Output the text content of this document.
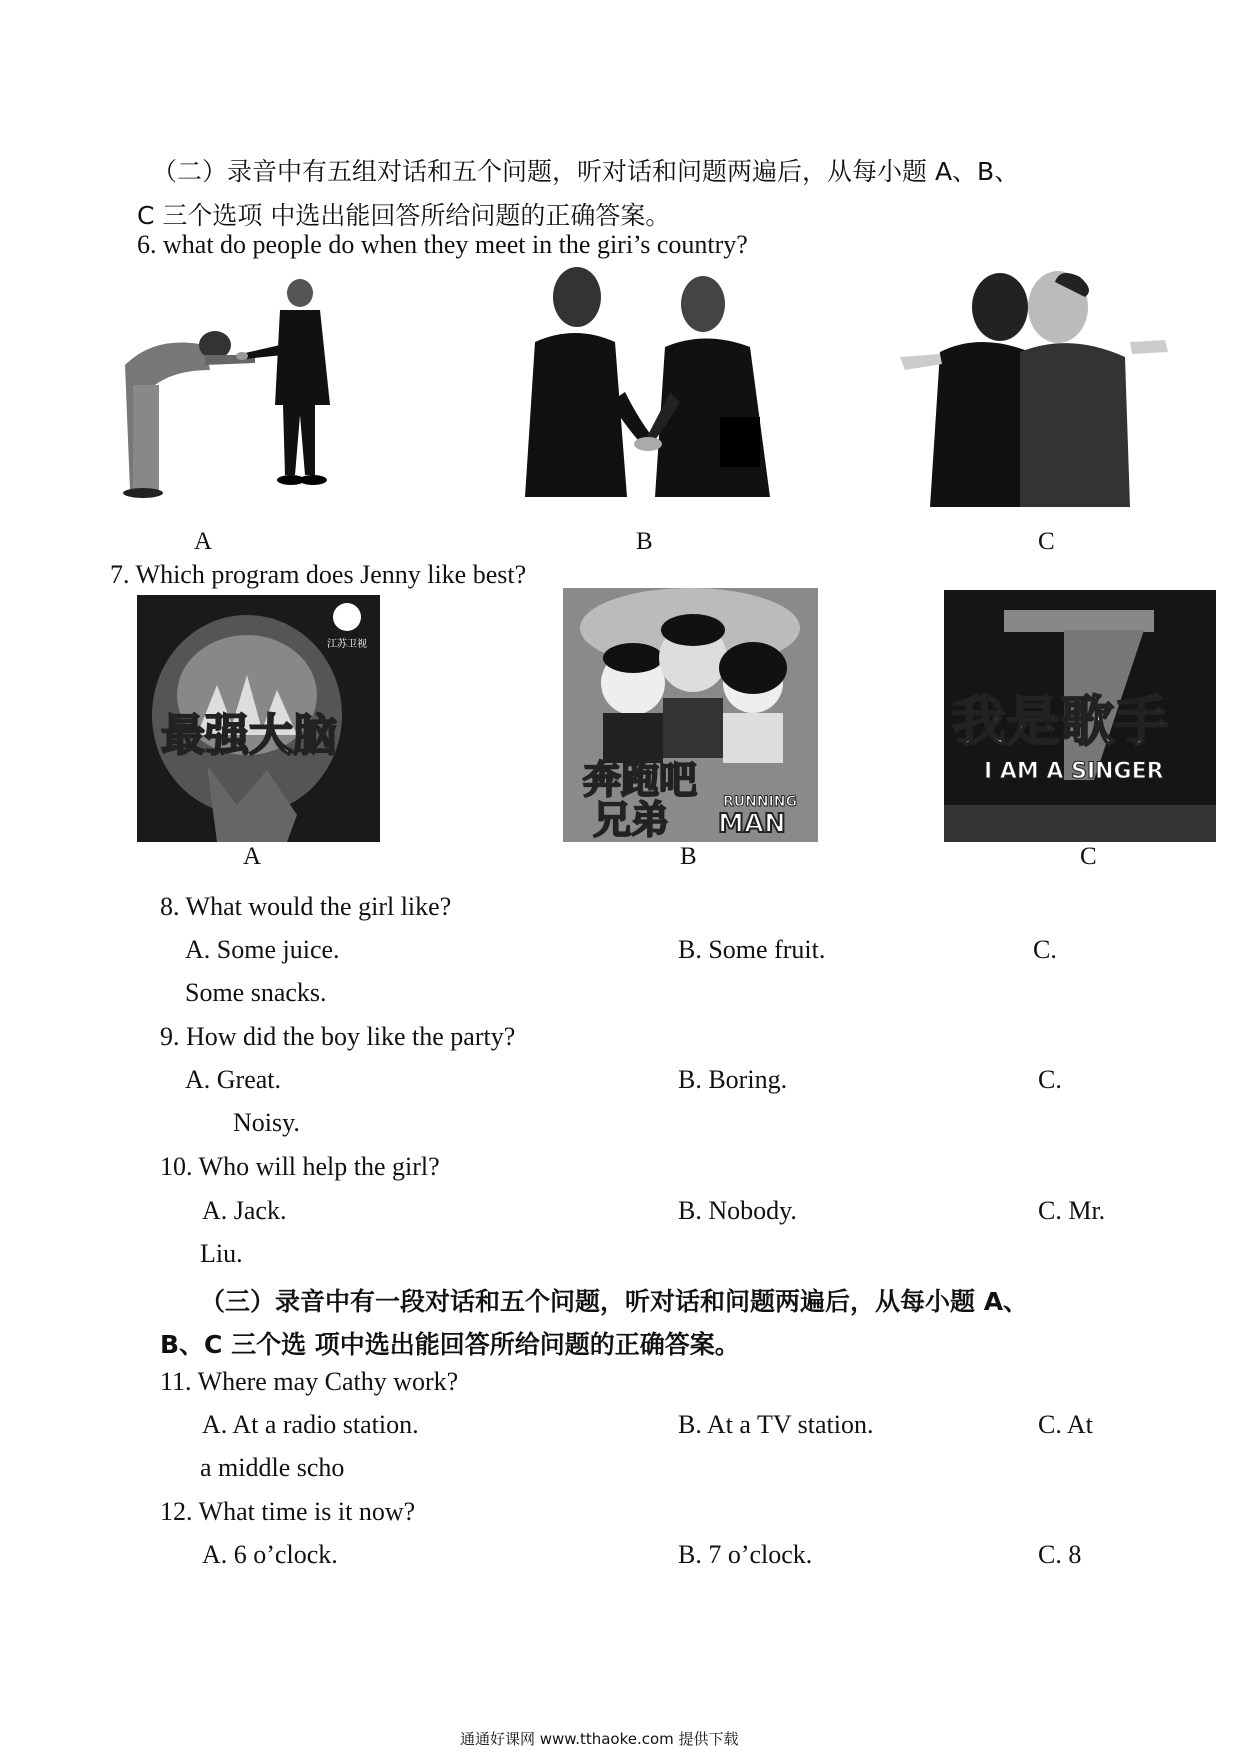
（二）录音中有五组对话和五个问题，听对话和问题两遍后，从每小题 A、B、
C 三个选项 中选出能回答所给问题的正确答案。
6. what do people do when they meet in the giri’s country?
A	B	C
7. Which program does Jenny like best?
江苏卫视
最强大脑
奔跑吧
兄弟	RUNNING
MAN
我是歌手
I AM A SINGER
A	B	C
8. What would the girl like?
A. Some juice.	B. Some fruit.	C.
Some snacks.
9. How did the boy like the party?
A. Great.	B. Boring.	C.
Noisy.
10. Who will help the girl?
A. Jack.	B. Nobody.	C. Mr.
Liu.
（三）录音中有一段对话和五个问题，听对话和问题两遍后，从每小题 A、
B、C 三个选 项中选出能回答所给问题的正确答案。
11. Where may Cathy work?
A. At a radio station.	B. At a TV station.	C. At
a middle scho
12. What time is it now?
A. 6 o’clock.	B. 7 o’clock.	C. 8
通通好课网 www.tthaoke.com 提供下载
